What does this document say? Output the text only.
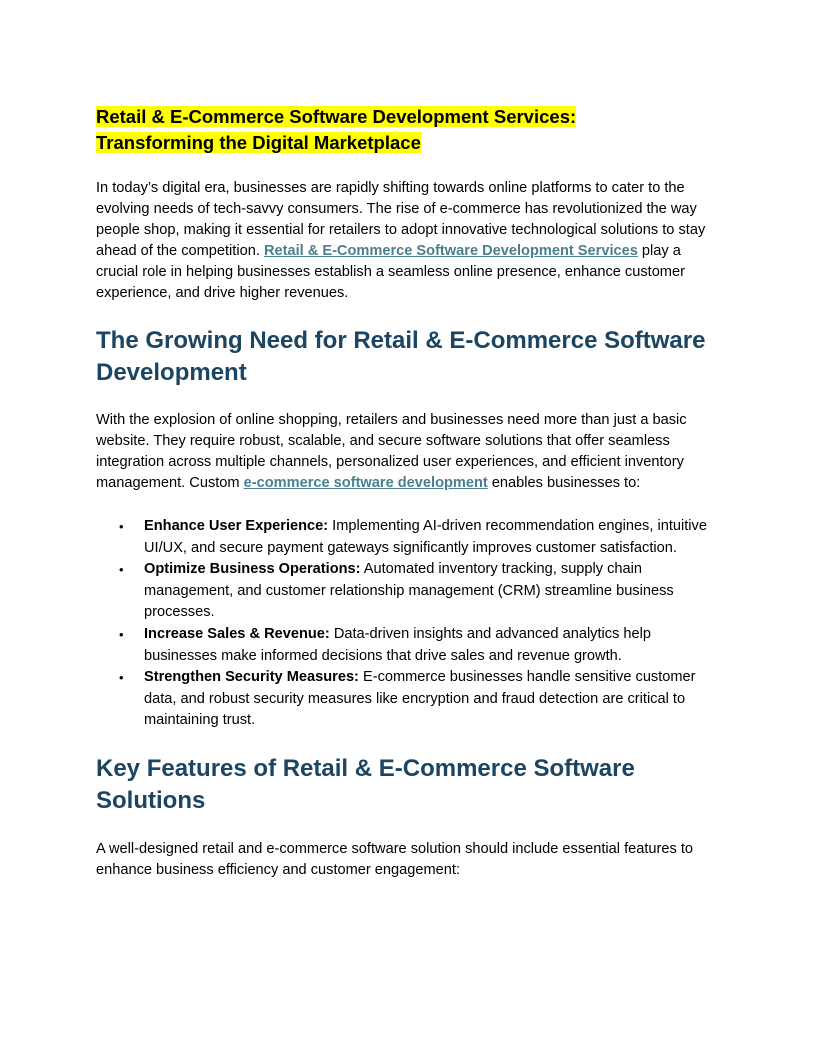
Retail & E-Commerce Software Development Services:
Transforming the Digital Marketplace

In today’s digital era, businesses are rapidly shifting towards online platforms to cater to the evolving needs of tech-savvy consumers. The rise of e-commerce has revolutionized the way people shop, making it essential for retailers to adopt innovative technological solutions to stay ahead of the competition. Retail & E-Commerce Software Development Services play a crucial role in helping businesses establish a seamless online presence, enhance customer experience, and drive higher revenues.

The Growing Need for Retail & E-Commerce Software Development

With the explosion of online shopping, retailers and businesses need more than just a basic website. They require robust, scalable, and secure software solutions that offer seamless integration across multiple channels, personalized user experiences, and efficient inventory management. Custom e-commerce software development enables businesses to:

• Enhance User Experience: Implementing AI-driven recommendation engines, intuitive UI/UX, and secure payment gateways significantly improves customer satisfaction.
• Optimize Business Operations: Automated inventory tracking, supply chain management, and customer relationship management (CRM) streamline business processes.
• Increase Sales & Revenue: Data-driven insights and advanced analytics help businesses make informed decisions that drive sales and revenue growth.
• Strengthen Security Measures: E-commerce businesses handle sensitive customer data, and robust security measures like encryption and fraud detection are critical to maintaining trust.
Key Features of Retail & E-Commerce Software Solutions

A well-designed retail and e-commerce software solution should include essential features to enhance business efficiency and customer engagement:
